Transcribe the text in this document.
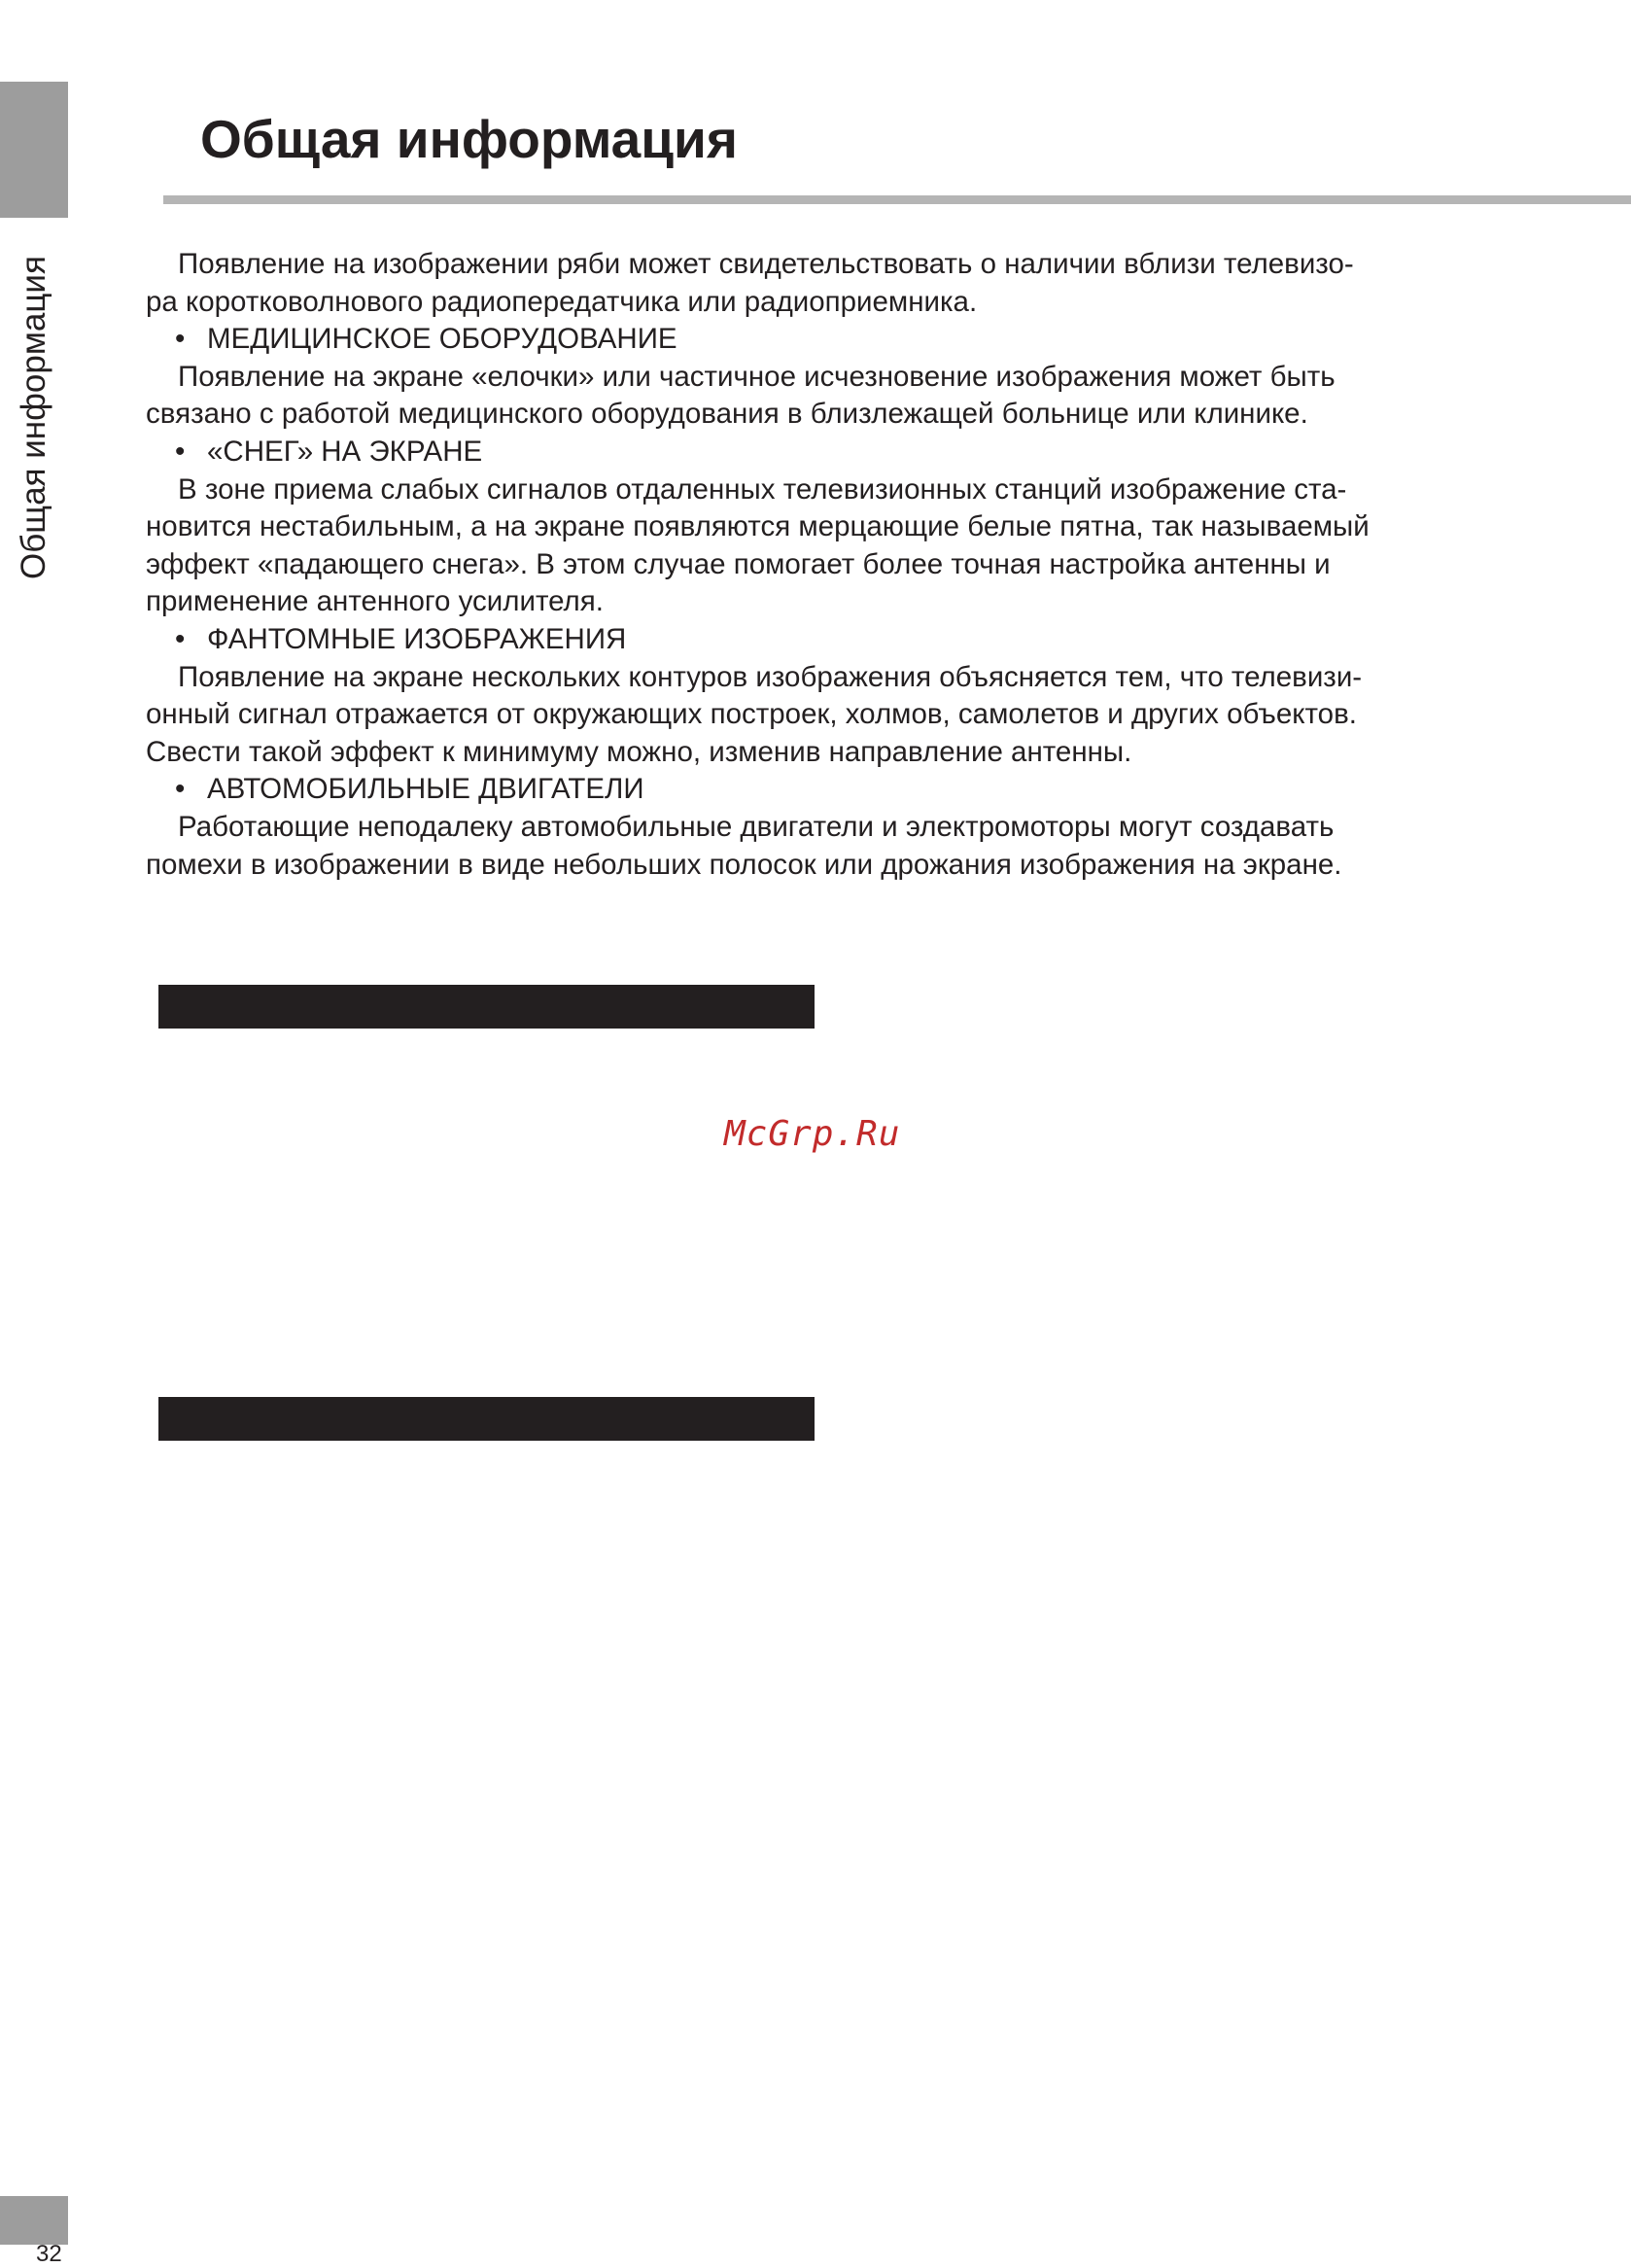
Общая информация
Общая информация

Появление на изображении ряби может свидетельствовать о наличии вблизи телевизо-
ра коротковолнового радиопередатчика или радиоприемника.

• МЕДИЦИНСКОЕ ОБОРУДОВАНИЕ

Появление на экране «елочки» или частичное исчезновение изображения может быть
связано с работой медицинского оборудования в близлежащей больнице или клинике.

• «СНЕГ» НА ЭКРАНЕ

В зоне приема слабых сигналов отдаленных телевизионных станций изображение ста-
новится нестабильным, а на экране появляются мерцающие белые пятна, так называемый
эффект «падающего снега». В этом случае помогает более точная настройка антенны и
применение антенного усилителя.

• ФАНТОМНЫЕ ИЗОБРАЖЕНИЯ

Появление на экране нескольких контуров изображения объясняется тем, что телевизи-
онный сигнал отражается от окружающих построек, холмов, самолетов и других объектов.
Свести такой эффект к минимуму можно, изменив направление антенны.

• АВТОМОБИЛЬНЫЕ ДВИГАТЕЛИ

Работающие неподалеку автомобильные двигатели и электромоторы могут создавать
помехи в изображении в виде небольших полосок или дрожания изображения на экране.

McGrp.Ru
32
